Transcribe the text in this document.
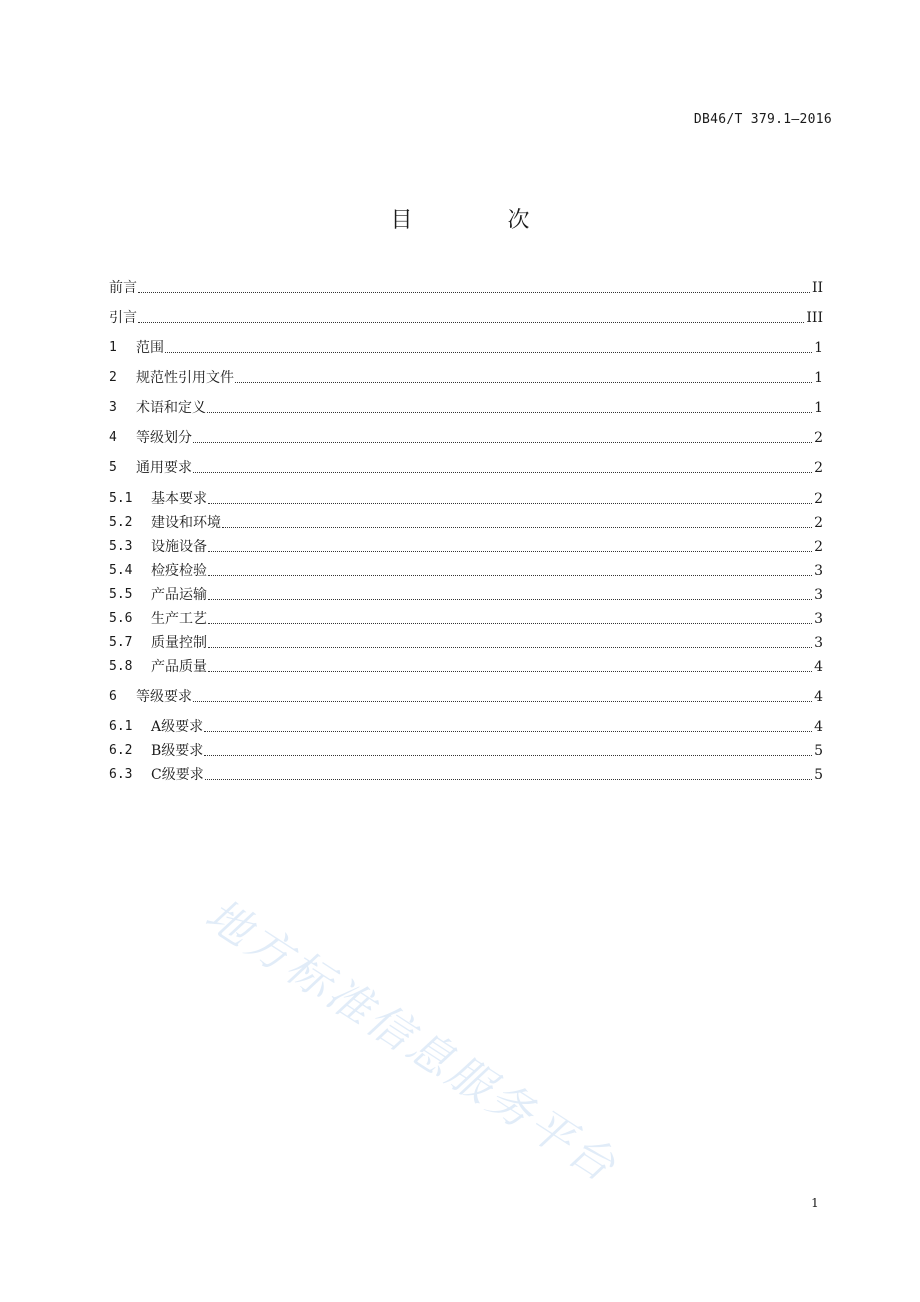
DB46/T 379.1—2016
目 次
前言	II
引言	III
1	范围	1
2	规范性引用文件	1
3	术语和定义	1
4	等级划分	2
5	通用要求	2
5.1	基本要求	2
5.2	建设和环境	2
5.3	设施设备	2
5.4	检疫检验	3
5.5	产品运输	3
5.6	生产工艺	3
5.7	质量控制	3
5.8	产品质量	4
6	等级要求	4
6.1	A级要求	4
6.2	B级要求	5
6.3	C级要求	5
1
地方标准信息服务平台
